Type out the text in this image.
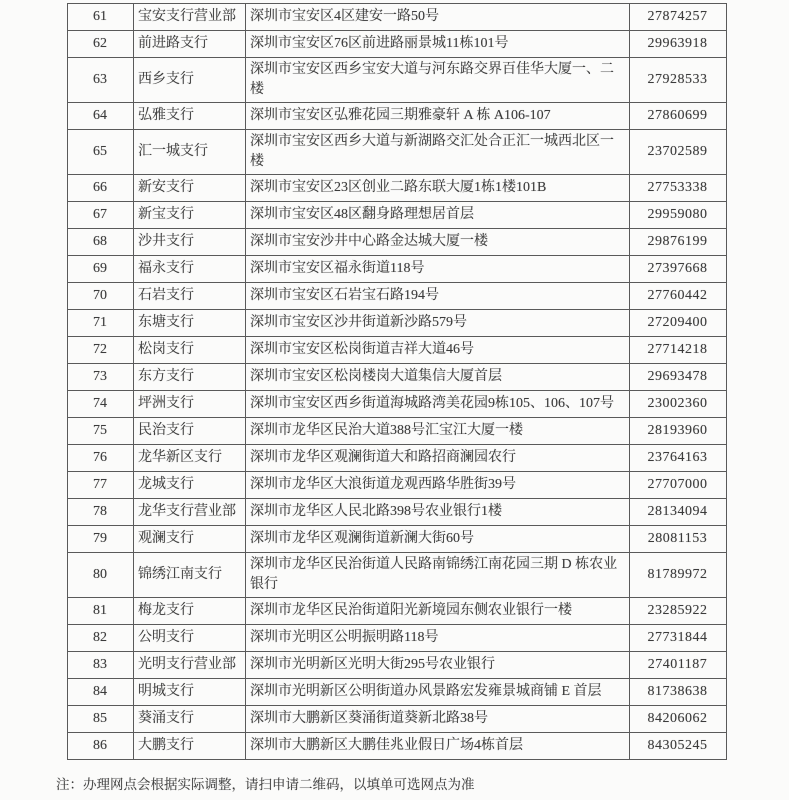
61	宝安支行营业部	深圳市宝安区4区建安一路50号	27874257
62	前进路支行	深圳市宝安区76区前进路丽景城11栋101号	29963918
63	西乡支行	深圳市宝安区西乡宝安大道与河东路交界百佳华大厦一、二楼	27928533
64	弘雅支行	深圳市宝安区弘雅花园三期雅豪轩 A 栋 A106-107	27860699
65	汇一城支行	深圳市宝安区西乡大道与新湖路交汇处合正汇一城西北区一楼	23702589
66	新安支行	深圳市宝安区23区创业二路东联大厦1栋1楼101B	27753338
67	新宝支行	深圳市宝安区48区翻身路理想居首层	29959080
68	沙井支行	深圳市宝安沙井中心路金达城大厦一楼	29876199
69	福永支行	深圳市宝安区福永街道118号	27397668
70	石岩支行	深圳市宝安区石岩宝石路194号	27760442
71	东塘支行	深圳市宝安区沙井街道新沙路579号	27209400
72	松岗支行	深圳市宝安区松岗街道吉祥大道46号	27714218
73	东方支行	深圳市宝安区松岗楼岗大道集信大厦首层	29693478
74	坪洲支行	深圳市宝安区西乡街道海城路湾美花园9栋105、106、107号	23002360
75	民治支行	深圳市龙华区民治大道388号汇宝江大厦一楼	28193960
76	龙华新区支行	深圳市龙华区观澜街道大和路招商澜园农行	23764163
77	龙城支行	深圳市龙华区大浪街道龙观西路华胜街39号	27707000
78	龙华支行营业部	深圳市龙华区人民北路398号农业银行1楼	28134094
79	观澜支行	深圳市龙华区观澜街道新澜大街60号	28081153
80	锦绣江南支行	深圳市龙华区民治街道人民路南锦绣江南花园三期 D 栋农业银行	81789972
81	梅龙支行	深圳市龙华区民治街道阳光新境园东侧农业银行一楼	23285922
82	公明支行	深圳市光明区公明振明路118号	27731844
83	光明支行营业部	深圳市光明新区光明大街295号农业银行	27401187
84	明城支行	深圳市光明新区公明街道办风景路宏发雍景城商铺 E 首层	81738638
85	葵涌支行	深圳市大鹏新区葵涌街道葵新北路38号	84206062
86	大鹏支行	深圳市大鹏新区大鹏佳兆业假日广场4栋首层	84305245
注：办理网点会根据实际调整，请扫申请二维码，以填单可选网点为准
